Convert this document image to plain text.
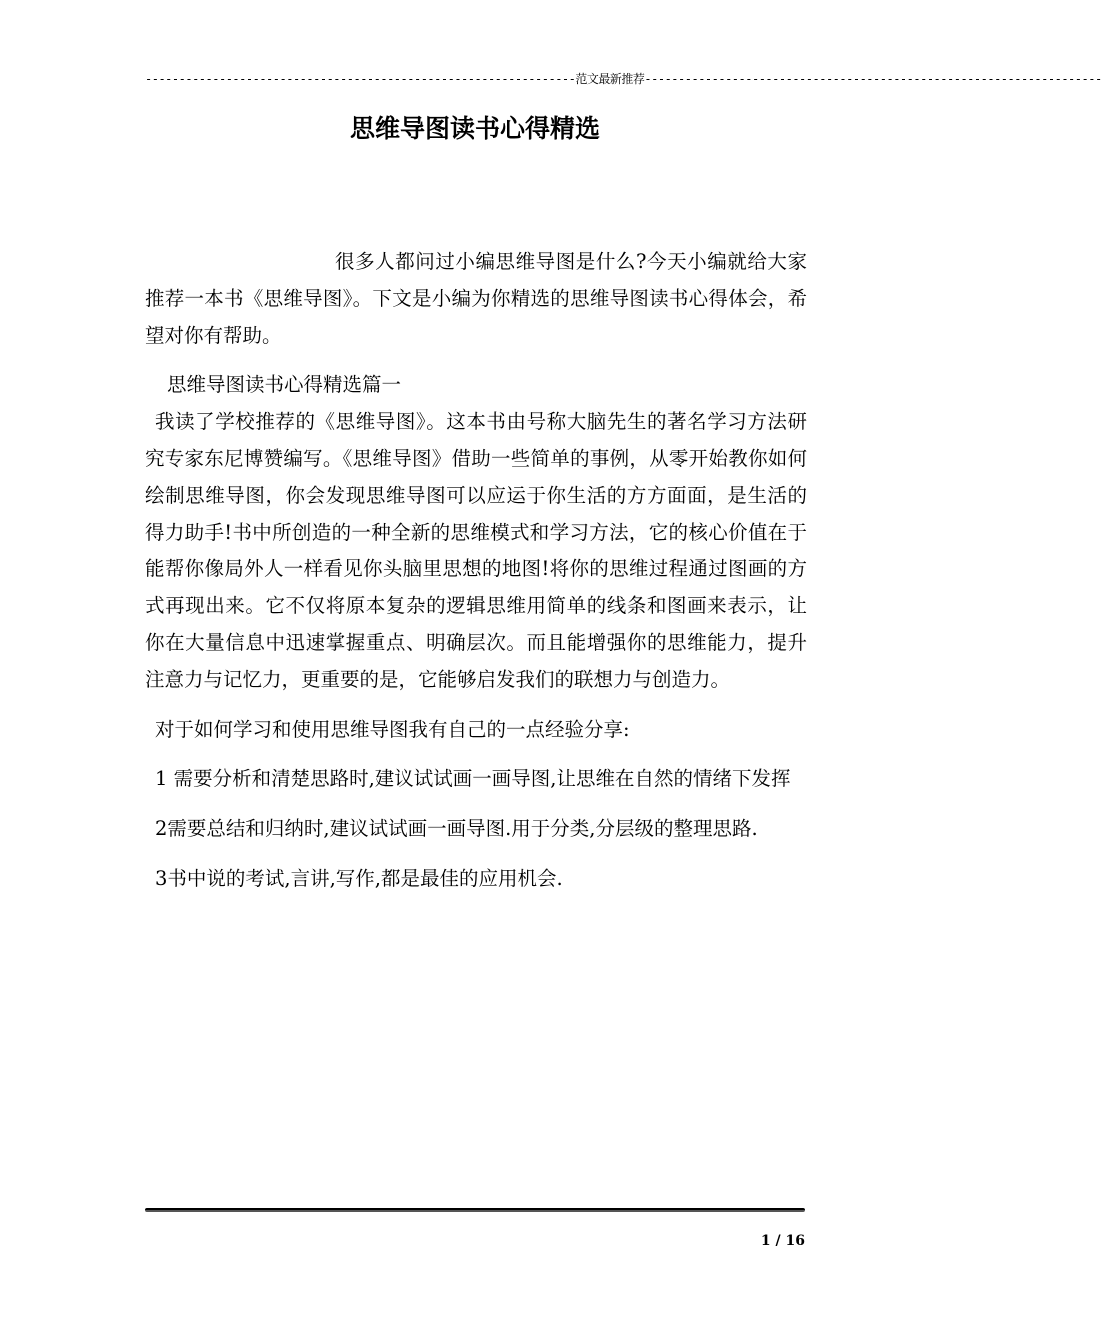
----------------------------------------------------------------范文最新推荐--------------------------------------------------------------------
思维导图读书心得精选

很多人都问过小编思维导图是什么?今天小编就给大家推荐一本书《思维导图》。下文是小编为你精选的思维导图读书心得体会，希望对你有帮助。

思维导图读书心得精选篇一

我读了学校推荐的《思维导图》。这本书由号称大脑先生的著名学习方法研究专家东尼博赞编写。《思维导图》借助一些简单的事例，从零开始教你如何绘制思维导图，你会发现思维导图可以应运于你生活的方方面面，是生活的得力助手!书中所创造的一种全新的思维模式和学习方法，它的核心价值在于能帮你像局外人一样看见你头脑里思想的地图!将你的思维过程通过图画的方式再现出来。它不仅将原本复杂的逻辑思维用简单的线条和图画来表示，让你在大量信息中迅速掌握重点、明确层次。而且能增强你的思维能力，提升注意力与记忆力，更重要的是，它能够启发我们的联想力与创造力。

对于如何学习和使用思维导图我有自己的一点经验分享:

1 需要分析和清楚思路时,建议试试画一画导图,让思维在自然的情绪下发挥

2需要总结和归纳时,建议试试画一画导图.用于分类,分层级的整理思路.

3书中说的考试,言讲,写作,都是最佳的应用机会.

1 / 16
